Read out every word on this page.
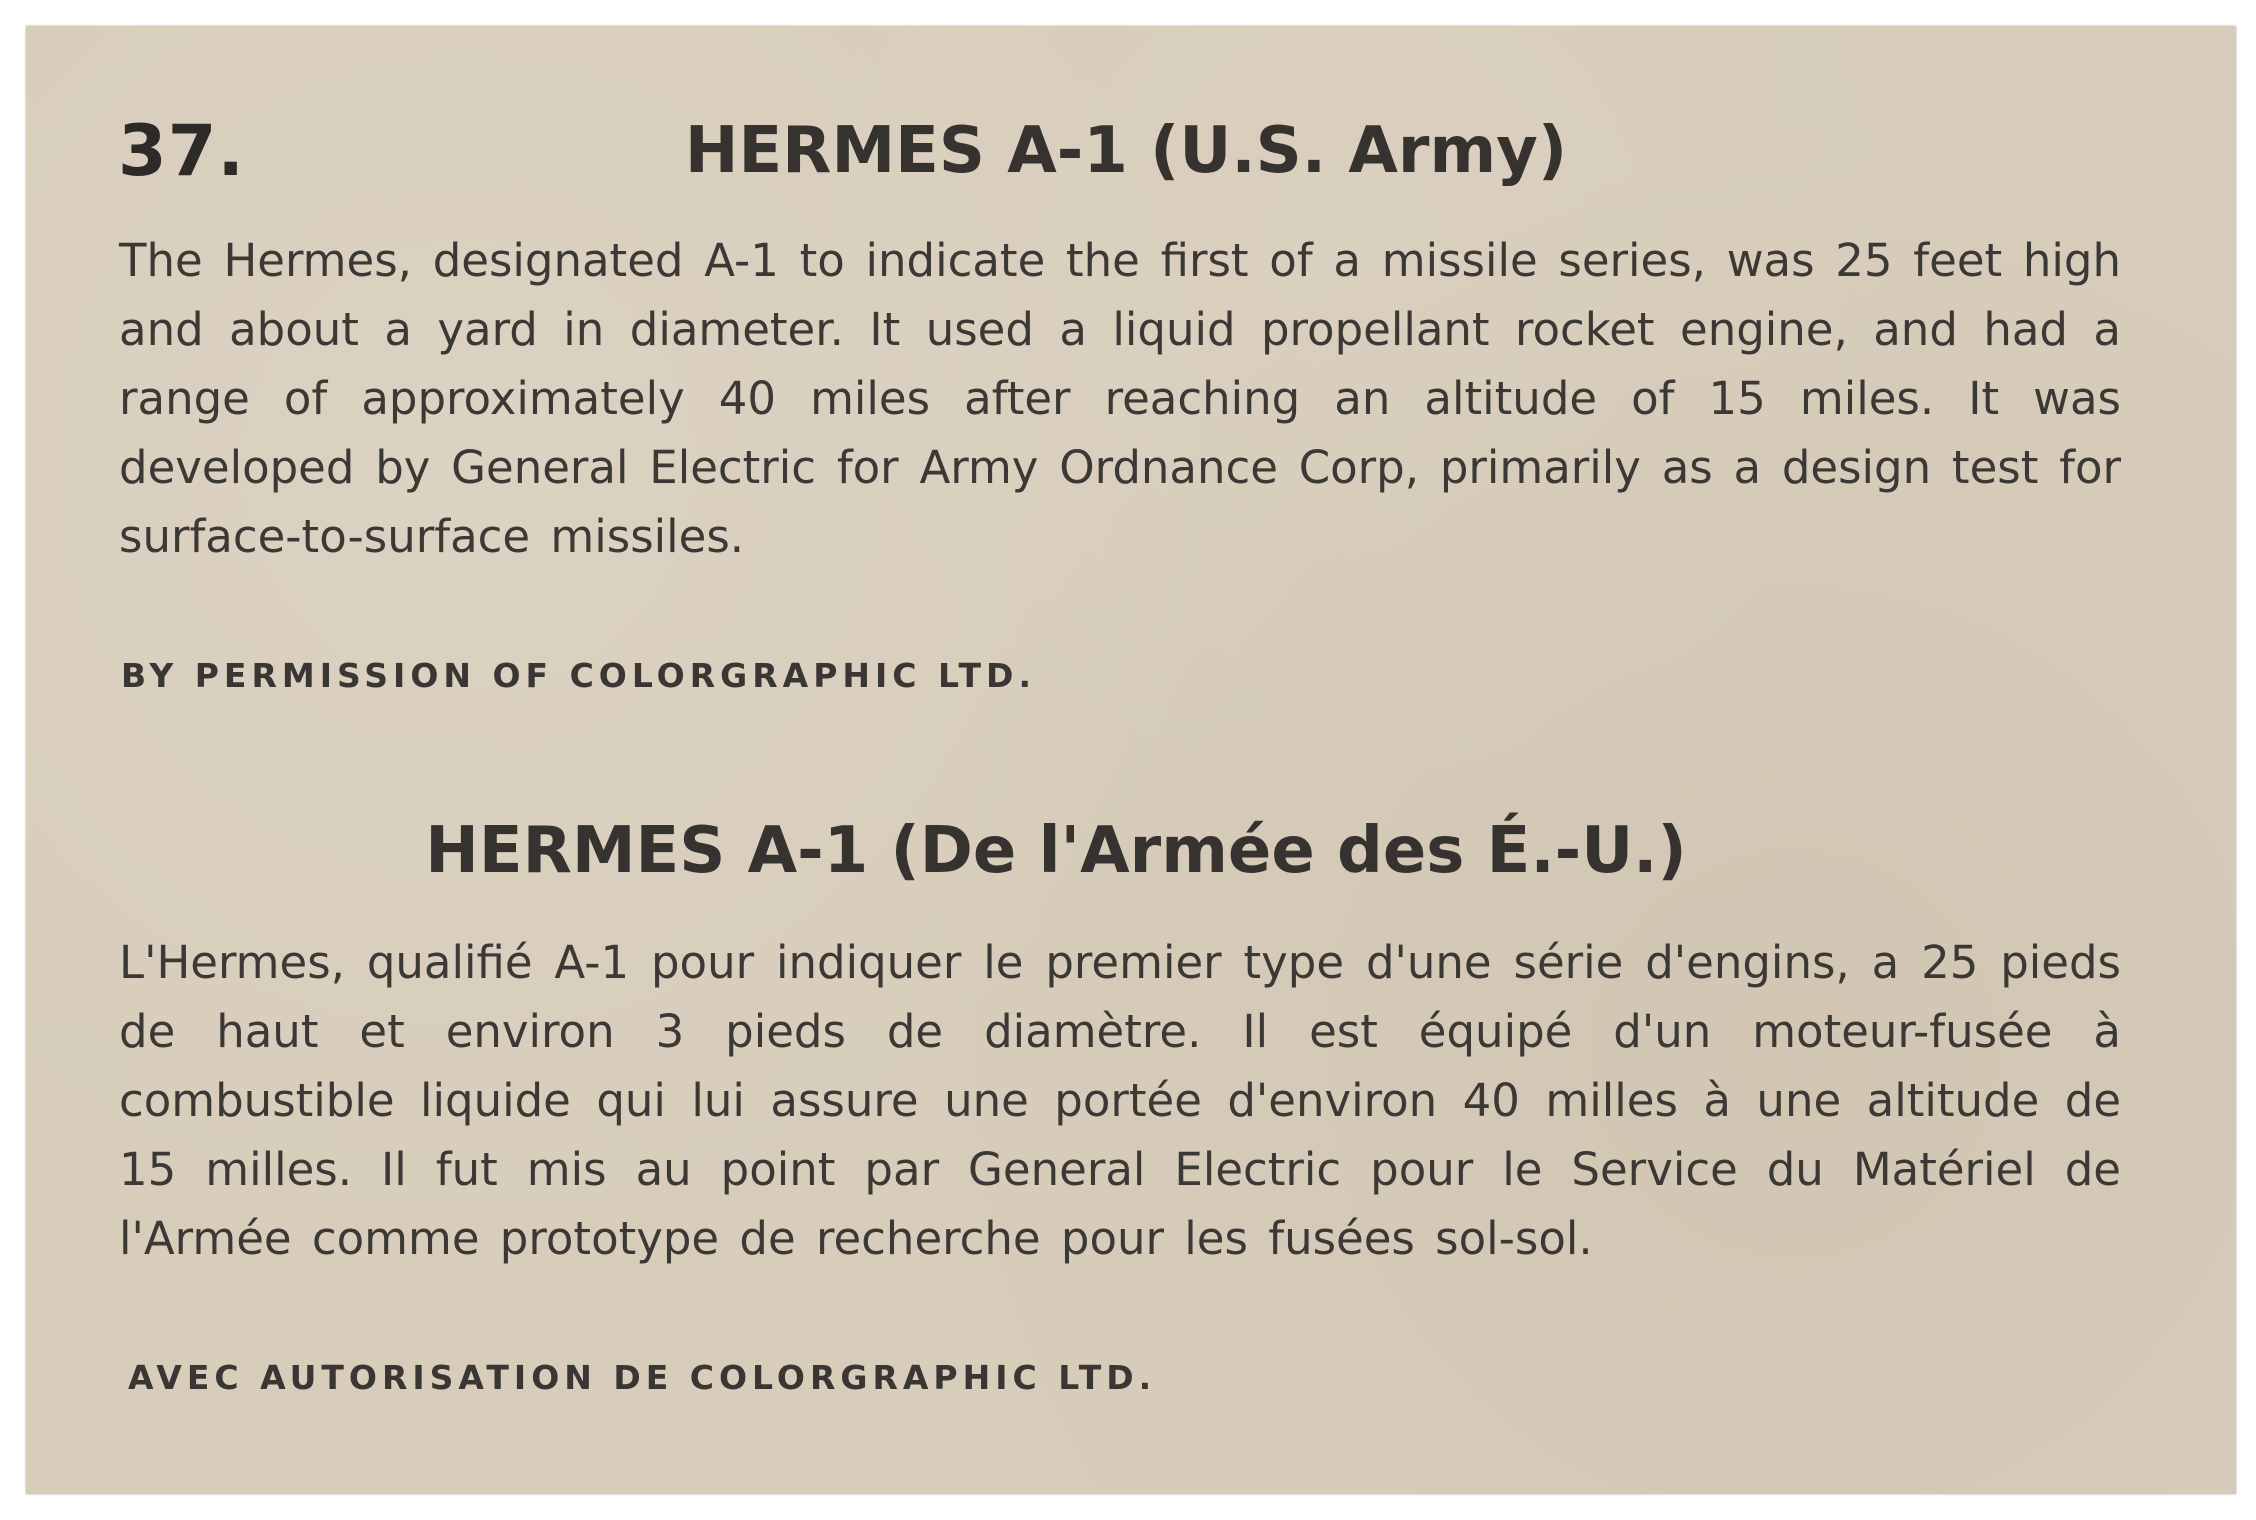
37.	HERMES A-1 (U.S. Army)
The Hermes, designated A-1 to indicate the first of a missile series, was 25 feet high and about a yard in diameter. It used a liquid propellant rocket engine, and had a range of approximately 40 miles after reaching an altitude of 15 miles. It was developed by General Electric for Army Ordnance Corp, primarily as a design test for surface-to-surface missiles.
BY PERMISSION OF COLORGRAPHIC LTD.
HERMES A-1 (De l'Armée des É.-U.)
L'Hermes, qualifié A-1 pour indiquer le premier type d'une série d'engins, a 25 pieds de haut et environ 3 pieds de diamètre. Il est équipé d'un moteur-fusée à combustible liquide qui lui assure une portée d'environ 40 milles à une altitude de 15 milles. Il fut mis au point par General Electric pour le Service du Matériel de l'Armée comme prototype de recherche pour les fusées sol-sol.
AVEC AUTORISATION DE COLORGRAPHIC LTD.
